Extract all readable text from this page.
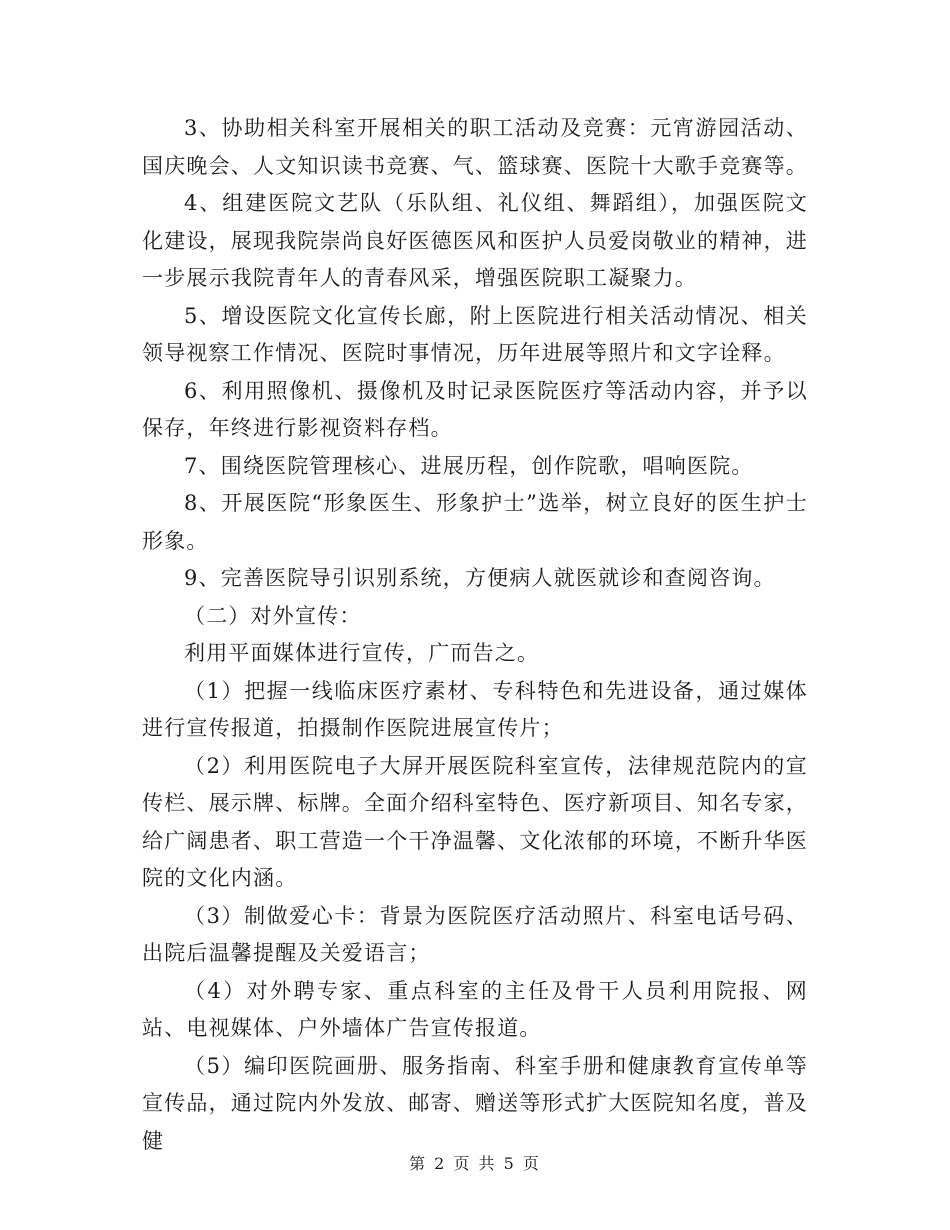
3、协助相关科室开展相关的职工活动及竞赛：元宵游园活动、国庆晚会、人文知识读书竞赛、气、篮球赛、医院十大歌手竞赛等。

4、组建医院文艺队（乐队组、礼仪组、舞蹈组），加强医院文化建设，展现我院崇尚良好医德医风和医护人员爱岗敬业的精神，进一步展示我院青年人的青春风采，增强医院职工凝聚力。

5、增设医院文化宣传长廊，附上医院进行相关活动情况、相关领导视察工作情况、医院时事情况，历年进展等照片和文字诠释。

6、利用照像机、摄像机及时记录医院医疗等活动内容，并予以保存，年终进行影视资料存档。

7、围绕医院管理核心、进展历程，创作院歌，唱响医院。

8、开展医院“形象医生、形象护士”选举，树立良好的医生护士形象。

9、完善医院导引识别系统，方便病人就医就诊和查阅咨询。

（二）对外宣传：

利用平面媒体进行宣传，广而告之。

（1）把握一线临床医疗素材、专科特色和先进设备，通过媒体进行宣传报道，拍摄制作医院进展宣传片；

（2）利用医院电子大屏开展医院科室宣传，法律规范院内的宣传栏、展示牌、标牌。全面介绍科室特色、医疗新项目、知名专家，给广阔患者、职工营造一个干净温馨、文化浓郁的环境，不断升华医院的文化内涵。

（3）制做爱心卡：背景为医院医疗活动照片、科室电话号码、出院后温馨提醒及关爱语言；

（4）对外聘专家、重点科室的主任及骨干人员利用院报、网站、电视媒体、户外墙体广告宣传报道。

（5）编印医院画册、服务指南、科室手册和健康教育宣传单等宣传品，通过院内外发放、邮寄、赠送等形式扩大医院知名度，普及健

第 2 页 共 5 页
